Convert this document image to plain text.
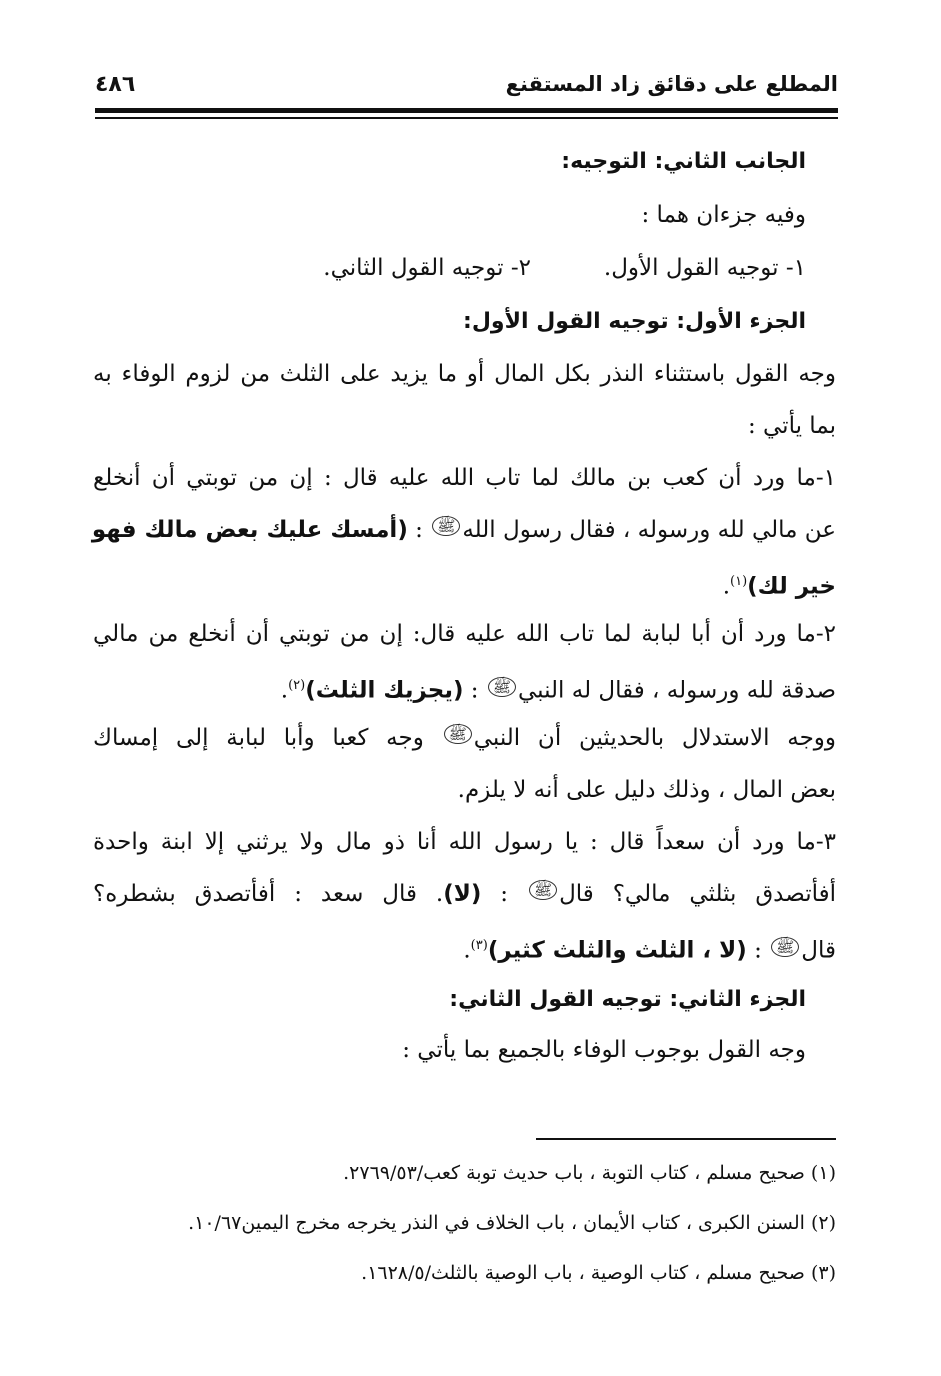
المطلع على دقائق زاد المستقنع
٤٨٦
الجانب الثاني: التوجيه:
وفيه جزءان هما :
١- توجيه القول الأول.
٢- توجيه القول الثاني.
الجزء الأول: توجيه القول الأول:
وجه القول باستثناء النذر بكل المال أو ما يزيد على الثلث من لزوم الوفاء به
بما يأتي :
١-ما ورد أن كعب بن مالك لما تاب الله عليه قال : إن من توبتي أن أنخلع
عن مالي لله ورسوله ، فقال رسول اللهﷺ : (أمسك عليك بعض مالك فهو
خير لك)$^{(١)}$.
٢-ما ورد أن أبا لبابة لما تاب الله عليه قال: إن من توبتي أن أنخلع من مالي
صدقة لله ورسوله ، فقال له النبيﷺ : (يجزيك الثلث)$^{(٢)}$.
ووجه الاستدلال بالحديثين أن النبيﷺ وجه كعبا وأبا لبابة إلى إمساك
بعض المال ، وذلك دليل على أنه لا يلزم.
٣-ما ورد أن سعداً قال : يا رسول الله أنا ذو مال ولا يرثني إلا ابنة واحدة
أفأتصدق بثلثي مالي؟ قالﷺ : (لا). قال سعد : أفأتصدق بشطره؟
قالﷺ : (لا ، الثلث والثلث كثير)$^{(٣)}$.
الجزء الثاني: توجيه القول الثاني:
وجه القول بوجوب الوفاء بالجميع بما يأتي :
(١) صحيح مسلم ، كتاب التوبة ، باب حديث توبة كعب/٢٧٦٩/٥٣.
(٢) السنن الكبرى ، كتاب الأيمان ، باب الخلاف في النذر يخرجه مخرج اليمين١٠/٦٧.
(٣) صحيح مسلم ، كتاب الوصية ، باب الوصية بالثلث/١٦٢٨/٥.
